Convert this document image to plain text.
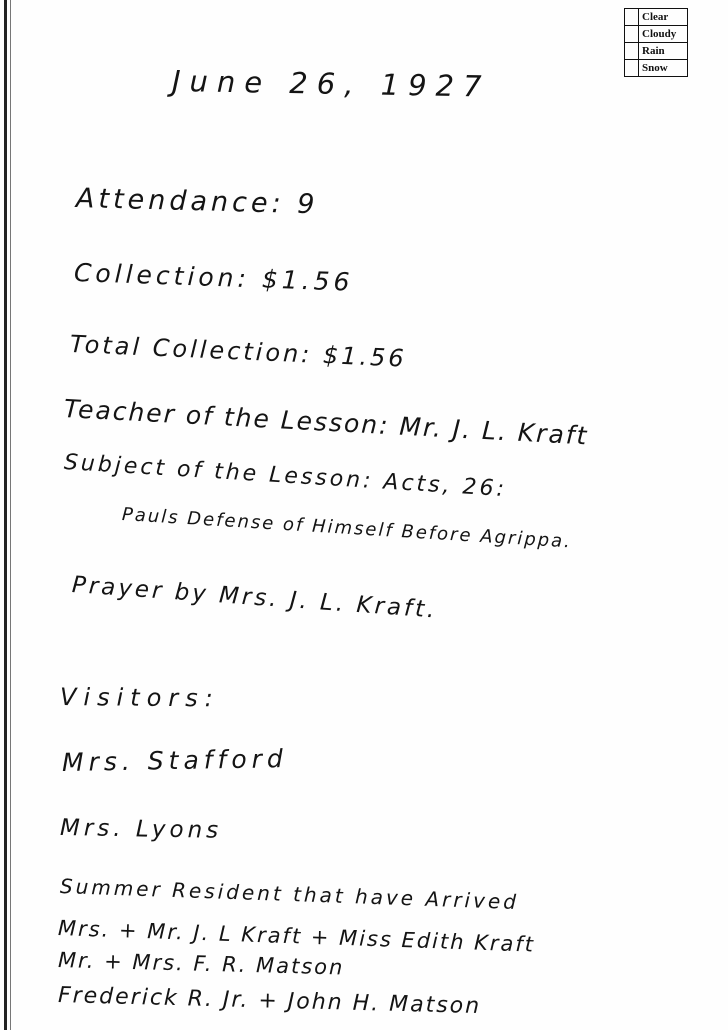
Clear
Cloudy
Rain
Snow
June 26, 1927
Attendance: 9
Collection: $1.56
Total Collection: $1.56
Teacher of the Lesson: Mr. J. L. Kraft
Subject of the Lesson: Acts, 26:
Pauls Defense of Himself Before Agrippa.
Prayer by Mrs. J. L. Kraft.
Visitors:
Mrs. Stafford
Mrs. Lyons
Summer Resident that have Arrived
Mrs. + Mr. J. L Kraft + Miss Edith Kraft
Mr. + Mrs. F. R. Matson
Frederick R. Jr. + John H. Matson
